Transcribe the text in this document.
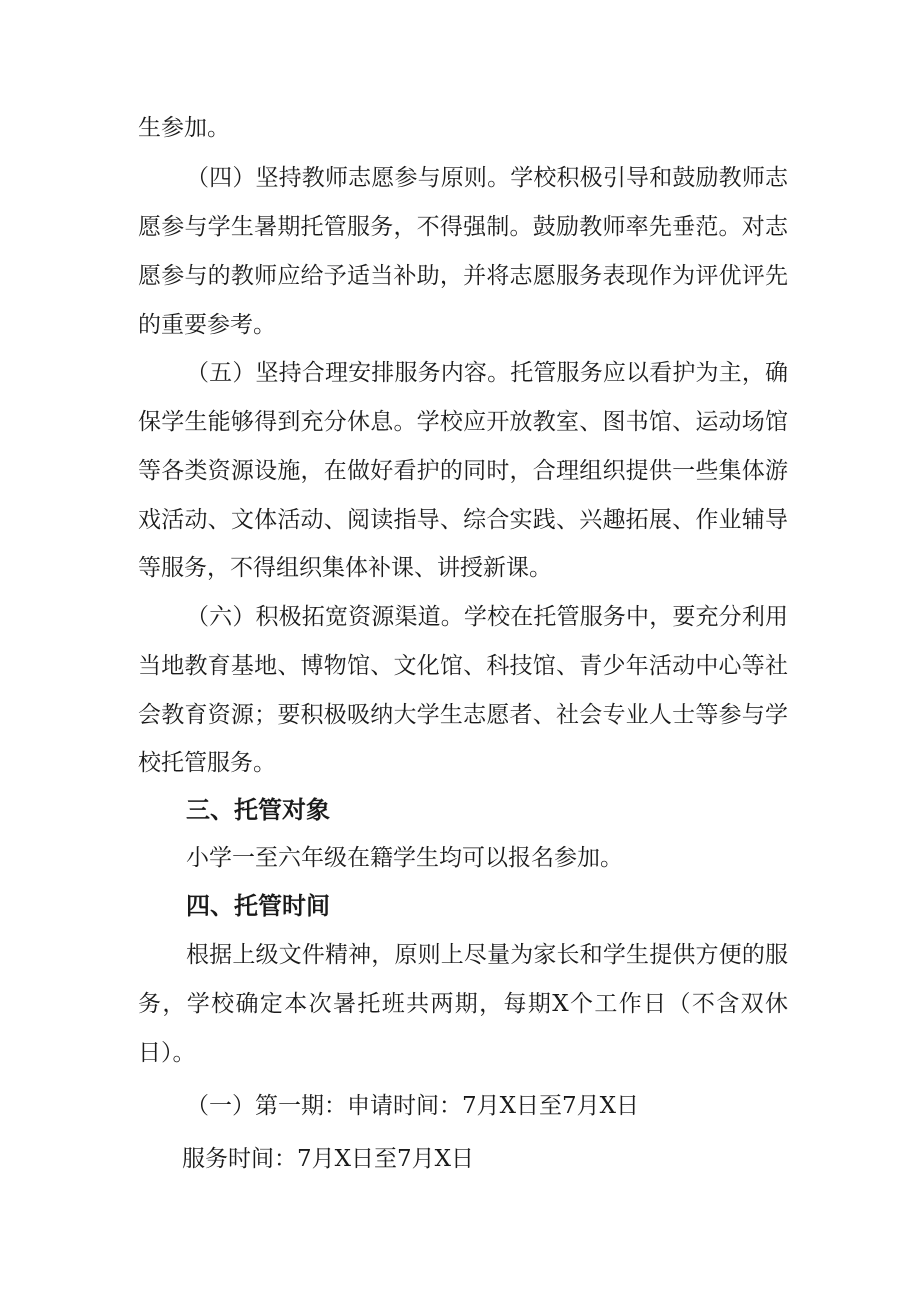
生参加。
（四）坚持教师志愿参与原则。学校积极引导和鼓励教师志
愿参与学生暑期托管服务，不得强制。鼓励教师率先垂范。对志
愿参与的教师应给予适当补助，并将志愿服务表现作为评优评先
的重要参考。
（五）坚持合理安排服务内容。托管服务应以看护为主，确
保学生能够得到充分休息。学校应开放教室、图书馆、运动场馆
等各类资源设施，在做好看护的同时，合理组织提供一些集体游
戏活动、文体活动、阅读指导、综合实践、兴趣拓展、作业辅导
等服务，不得组织集体补课、讲授新课。
（六）积极拓宽资源渠道。学校在托管服务中，要充分利用
当地教育基地、博物馆、文化馆、科技馆、青少年活动中心等社
会教育资源；要积极吸纳大学生志愿者、社会专业人士等参与学
校托管服务。
三、托管对象
小学一至六年级在籍学生均可以报名参加。
四、托管时间
根据上级文件精神，原则上尽量为家长和学生提供方便的服
务，学校确定本次暑托班共两期，每期X个工作日（不含双休
日）。
（一）第一期：申请时间：7月X日至7月X日
服务时间：7月X日至7月X日
